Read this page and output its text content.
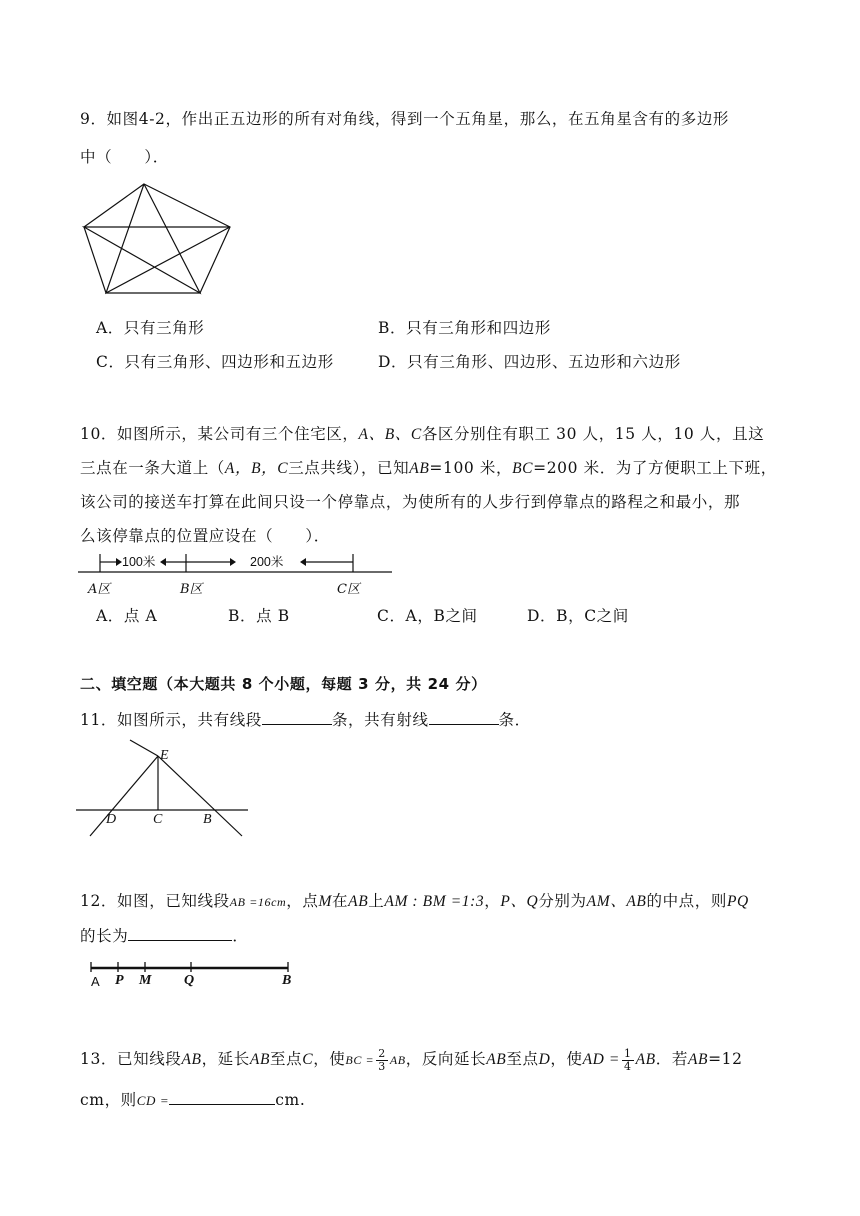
9．如图4-2，作出正五边形的所有对角线，得到一个五角星，那么，在五角星含有的多边形
中（　　）．
A．只有三角形	B．只有三角形和四边形
C．只有三角形、四边形和五边形	D．只有三角形、四边形、五边形和六边形
10．如图所示，某公司有三个住宅区，A、B、C各区分别住有职工 30 人，15 人，10 人，且这
三点在一条大道上（A，B，C三点共线），已知AB=100 米，BC=200 米．为了方便职工上下班，
该公司的接送车打算在此间只设一个停靠点，为使所有的人步行到停靠点的路程之和最小，那
么该停靠点的位置应设在（　　）．
100米	200米
A区	B区	C区
A．点 A	B．点 B	C．A，B之间	D．B，C之间
二、填空题（本大题共 8 个小题，每题 3 分，共 24 分）
11．如图所示，共有线段	条，共有射线	条．
E
D	C	B
12．如图，已知线段AB =16cm，点M在AB上AM : BM =1:3，P、Q分别为AM、AB的中点，则PQ
的长为	．
A P M Q	B
13．已知线段AB，延长AB至点C，使BC = $\frac{2}{3}$ AB，反向延长AB至点D，使AD = $\frac{1}{4}$ AB．若AB=12
cm，则CD =	cm.
